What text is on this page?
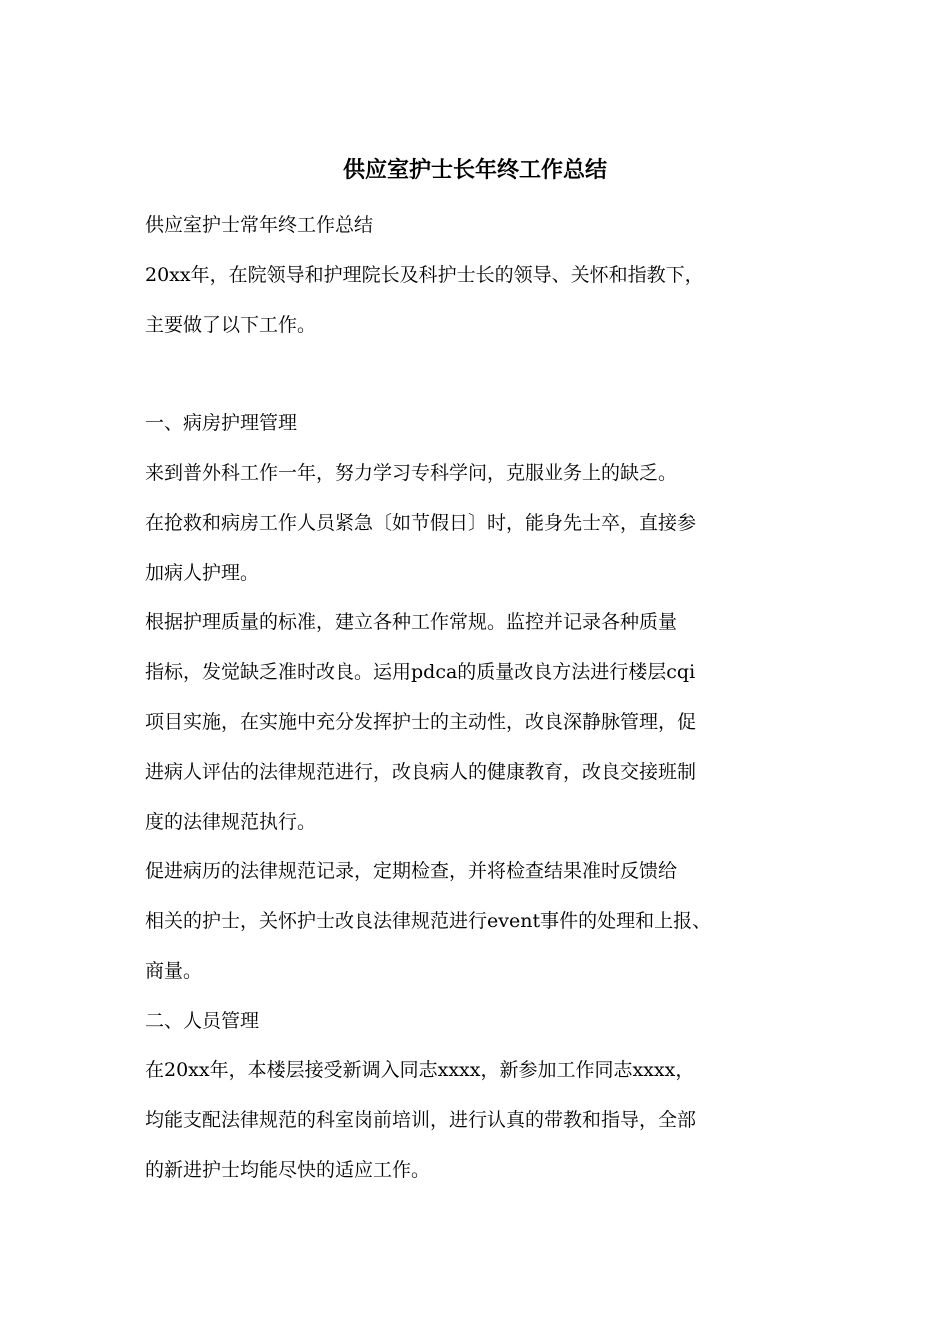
供应室护士长年终工作总结

供应室护士常年终工作总结

20xx年，在院领导和护理院长及科护士长的领导、关怀和指教下，

主要做了以下工作。

一、病房护理管理

来到普外科工作一年，努力学习专科学问，克服业务上的缺乏。

在抢救和病房工作人员紧急〔如节假日〕时，能身先士卒，直接参

加病人护理。

根据护理质量的标准，建立各种工作常规。监控并记录各种质量

指标，发觉缺乏准时改良。运用pdca的质量改良方法进行楼层cqi

项目实施，在实施中充分发挥护士的主动性，改良深静脉管理，促

进病人评估的法律规范进行，改良病人的健康教育，改良交接班制

度的法律规范执行。

促进病历的法律规范记录，定期检查，并将检查结果准时反馈给

相关的护士，关怀护士改良法律规范进行event事件的处理和上报、

商量。

二、人员管理

在20xx年，本楼层接受新调入同志xxxx，新参加工作同志xxxx，

均能支配法律规范的科室岗前培训，进行认真的带教和指导，全部

的新进护士均能尽快的适应工作。
